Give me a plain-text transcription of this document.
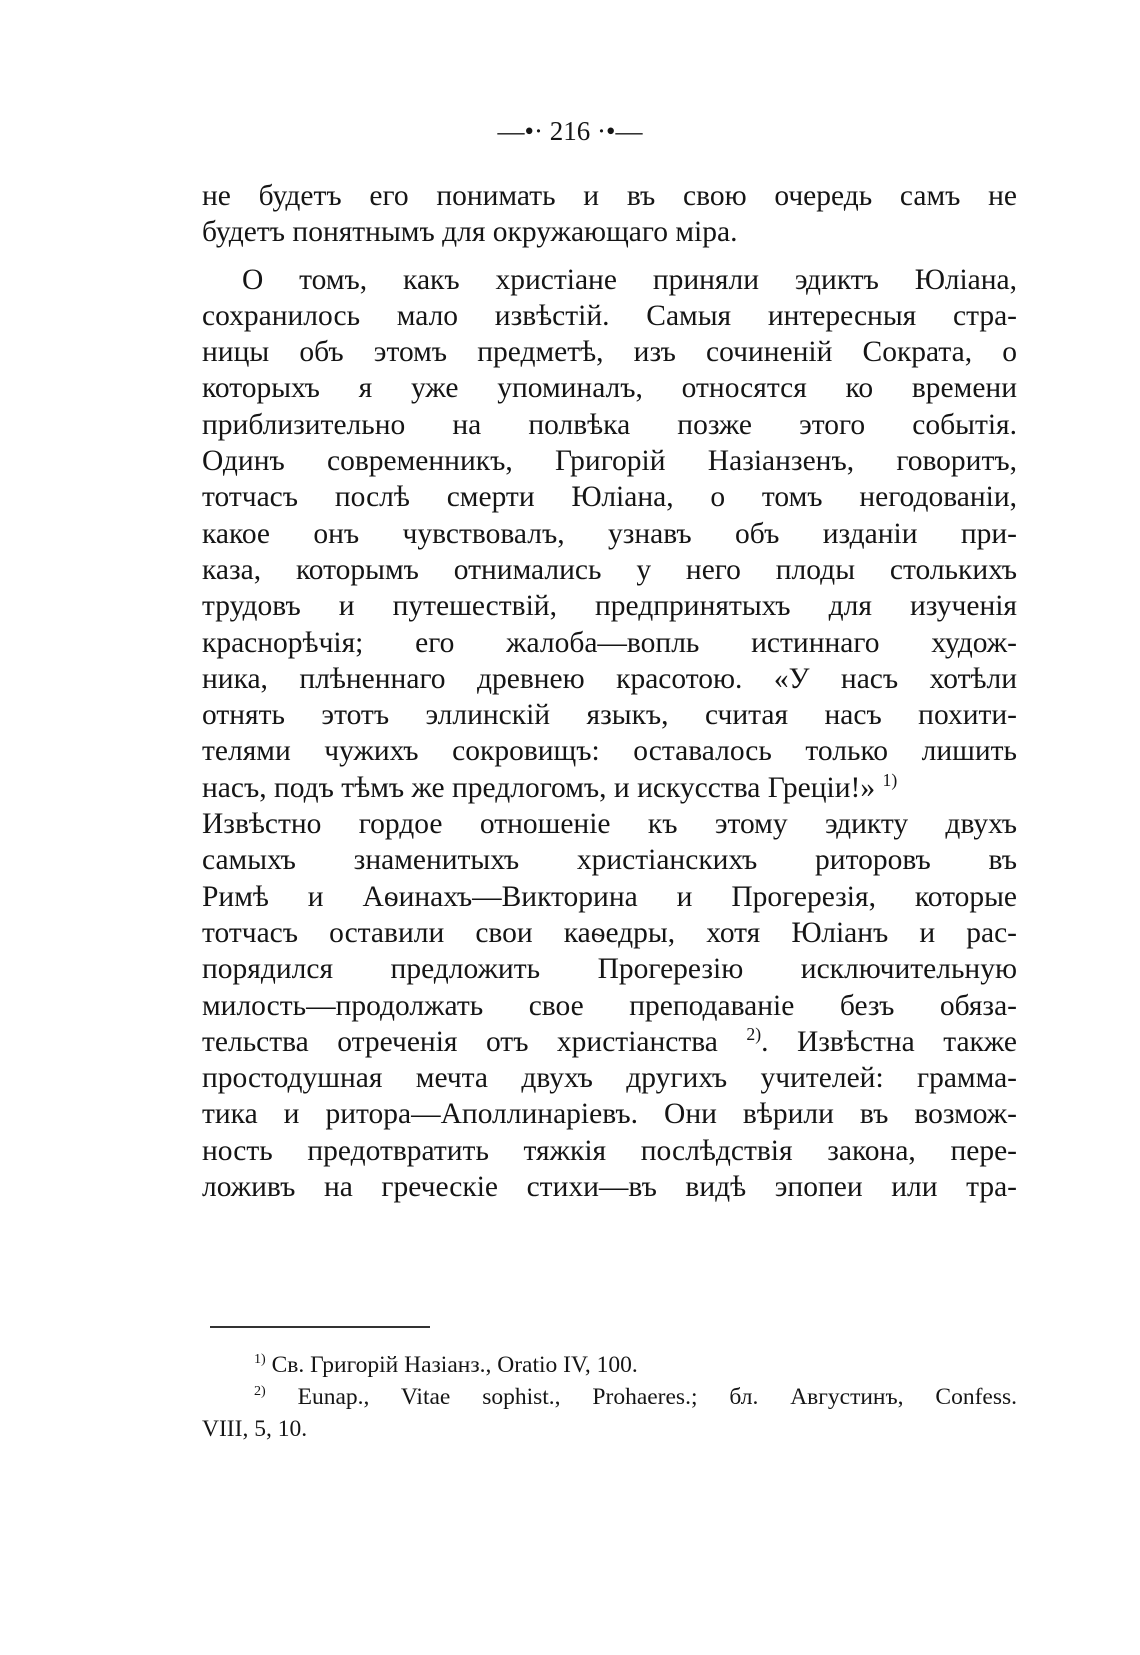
—•· 216 ·•—

не будетъ его понимать и въ свою очередь самъ не
будетъ понятнымъ для окружающаго міра.

О томъ, какъ христіане приняли эдиктъ Юліана,
сохранилось мало извѣстій. Самыя интересныя стра-
ницы объ этомъ предметѣ, изъ сочиненій Сократа, о
которыхъ я уже упоминалъ, относятся ко времени
приблизительно на полвѣка позже этого событія.
Одинъ современникъ, Григорій Назіанзенъ, говоритъ,
тотчасъ послѣ смерти Юліана, о томъ негодованіи,
какое онъ чувствовалъ, узнавъ объ изданіи при-
каза, которымъ отнимались у него плоды столькихъ
трудовъ и путешествій, предпринятыхъ для изученія
краснорѣчія; его жалоба—вопль истиннаго худож-
ника, плѣненнаго древнею красотою. «У насъ хотѣли
отнять этотъ эллинскій языкъ, считая насъ похити-
телями чужихъ сокровищъ: оставалось только лишить
насъ, подъ тѣмъ же предлогомъ, и искусства Греціи!» $^{1)}$
Извѣстно гордое отношеніе къ этому эдикту двухъ
самыхъ знаменитыхъ христіанскихъ риторовъ въ
Римѣ и Аѳинахъ—Викторина и Прогерезія, которые
тотчасъ оставили свои каѳедры, хотя Юліанъ и рас-
порядился предложить Прогерезію исключительную
милость—продолжать свое преподаваніе безъ обяза-
тельства отреченія отъ христіанства $^{2)}$. Извѣстна также
простодушная мечта двухъ другихъ учителей: грамма-
тика и ритора—Аполлинаріевъ. Они вѣрили въ возмож-
ность предотвратить тяжкія послѣдствія закона, пере-
ложивъ на греческіе стихи—въ видѣ эпопеи или тра-

$^{1)}$ Св. Григорій Назіанз., Oratio IV, 100.
$^{2)}$ Eunap., Vitae sophist., Prohaeres.; бл. Августинъ, Confess.
VIII, 5, 10.
